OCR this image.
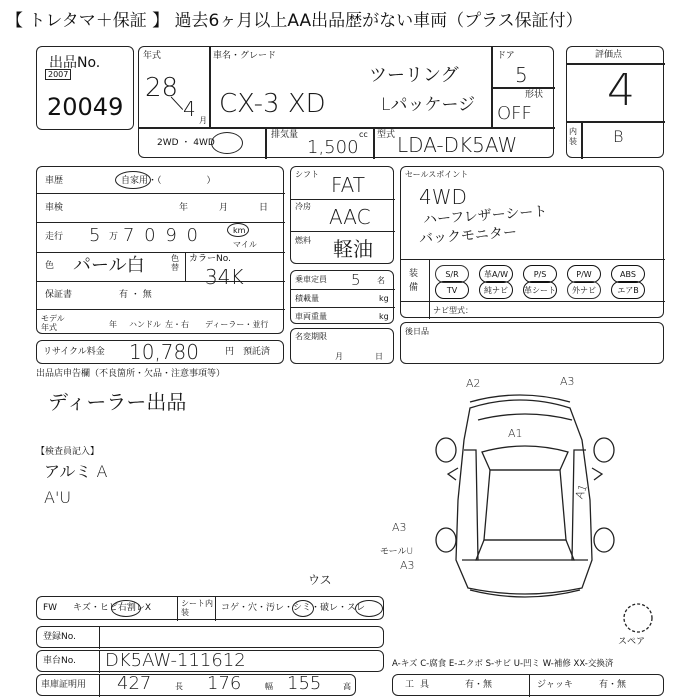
【 トレタマ＋保証 】 過去6ヶ月以上AA出品歴がない車両（プラス保証付）
出品No.
2007
20049
年式
28
/
4 月
車名・グレード
CX-3 XD
ツーリング
Lパッケージ
ドア
5
形状
OFF
2WD ・ 4WD
排気量
1,500
cc 型式 LDA-DK5AW
評価点
4
内装 B
車歴	自家用・（　　　　　）
車検	年	月	日
走行 5 万 7 0 9 0	km
マイル
色 パール白	色替
カラーNo.
34K
保証書	有 ・ 無
モデル年式	年 ハンドル 左・右 ディーラー・並行
リサイクル料金 10,780	円 預託済
シフト FAT
冷房 AAC
燃料 軽油
乗車定員 5 名
積載量	kg
車両重量	kg
名変期限
月	日
セールスポイント
4WD
ハーフレザーシート
バックモニター
装備
S/R	革A/W	P/S	P/W	ABS
TV	純ナビ	革シート	外ナビ	エアB
ナビ型式：
後日品
出品店申告欄（不良箇所・欠品・注意事項等）
ディーラー出品
【検査員記入】
アルミ A
A'U
A2	A3
A1
A1
A3
モールU
A3
スペア
FW キズ・ヒビ右割レX	シート内装	コゲ・穴・汚レ・シミ・破レ・スレ
ウス
登録No.
車台No. DK5AW-111612
車庫証明用 427	長 176	幅 155	高
A-キズ C-腐食 E-エクボ S-サビ U-凹ミ W-補修 XX-交換済
工具	有・無	ジャッキ	有・無
